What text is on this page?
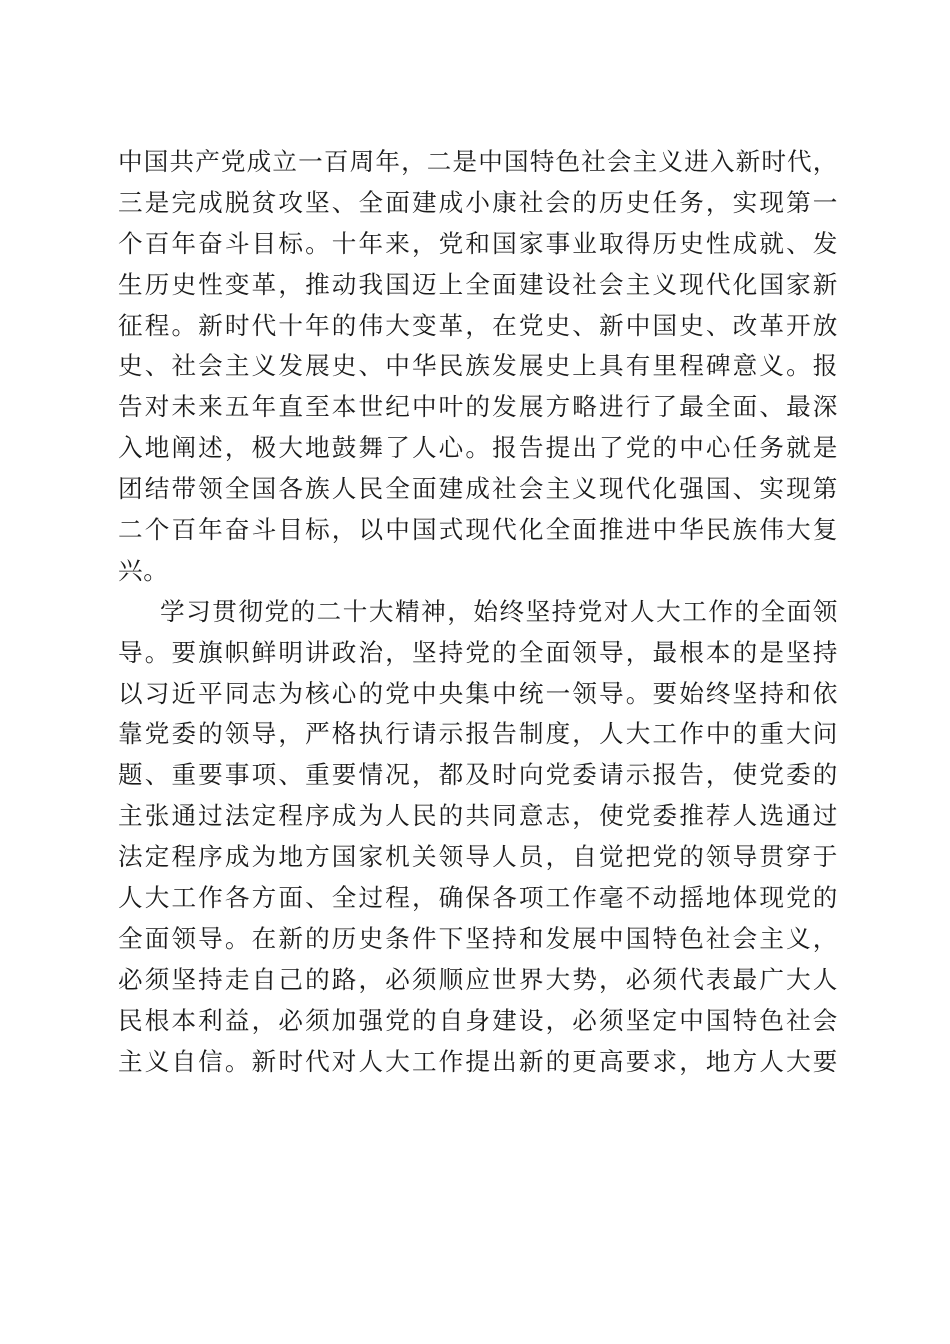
中国共产党成立一百周年，二是中国特色社会主义进入新时代，
三是完成脱贫攻坚、全面建成小康社会的历史任务，实现第一
个百年奋斗目标。十年来，党和国家事业取得历史性成就、发
生历史性变革，推动我国迈上全面建设社会主义现代化国家新
征程。新时代十年的伟大变革，在党史、新中国史、改革开放
史、社会主义发展史、中华民族发展史上具有里程碑意义。报
告对未来五年直至本世纪中叶的发展方略进行了最全面、最深
入地阐述，极大地鼓舞了人心。报告提出了党的中心任务就是
团结带领全国各族人民全面建成社会主义现代化强国、实现第
二个百年奋斗目标，以中国式现代化全面推进中华民族伟大复
兴。
学习贯彻党的二十大精神，始终坚持党对人大工作的全面领
导。要旗帜鲜明讲政治，坚持党的全面领导，最根本的是坚持
以习近平同志为核心的党中央集中统一领导。要始终坚持和依
靠党委的领导，严格执行请示报告制度，人大工作中的重大问
题、重要事项、重要情况，都及时向党委请示报告，使党委的
主张通过法定程序成为人民的共同意志，使党委推荐人选通过
法定程序成为地方国家机关领导人员，自觉把党的领导贯穿于
人大工作各方面、全过程，确保各项工作毫不动摇地体现党的
全面领导。在新的历史条件下坚持和发展中国特色社会主义，
必须坚持走自己的路，必须顺应世界大势，必须代表最广大人
民根本利益，必须加强党的自身建设，必须坚定中国特色社会
主义自信。新时代对人大工作提出新的更高要求，地方人大要
